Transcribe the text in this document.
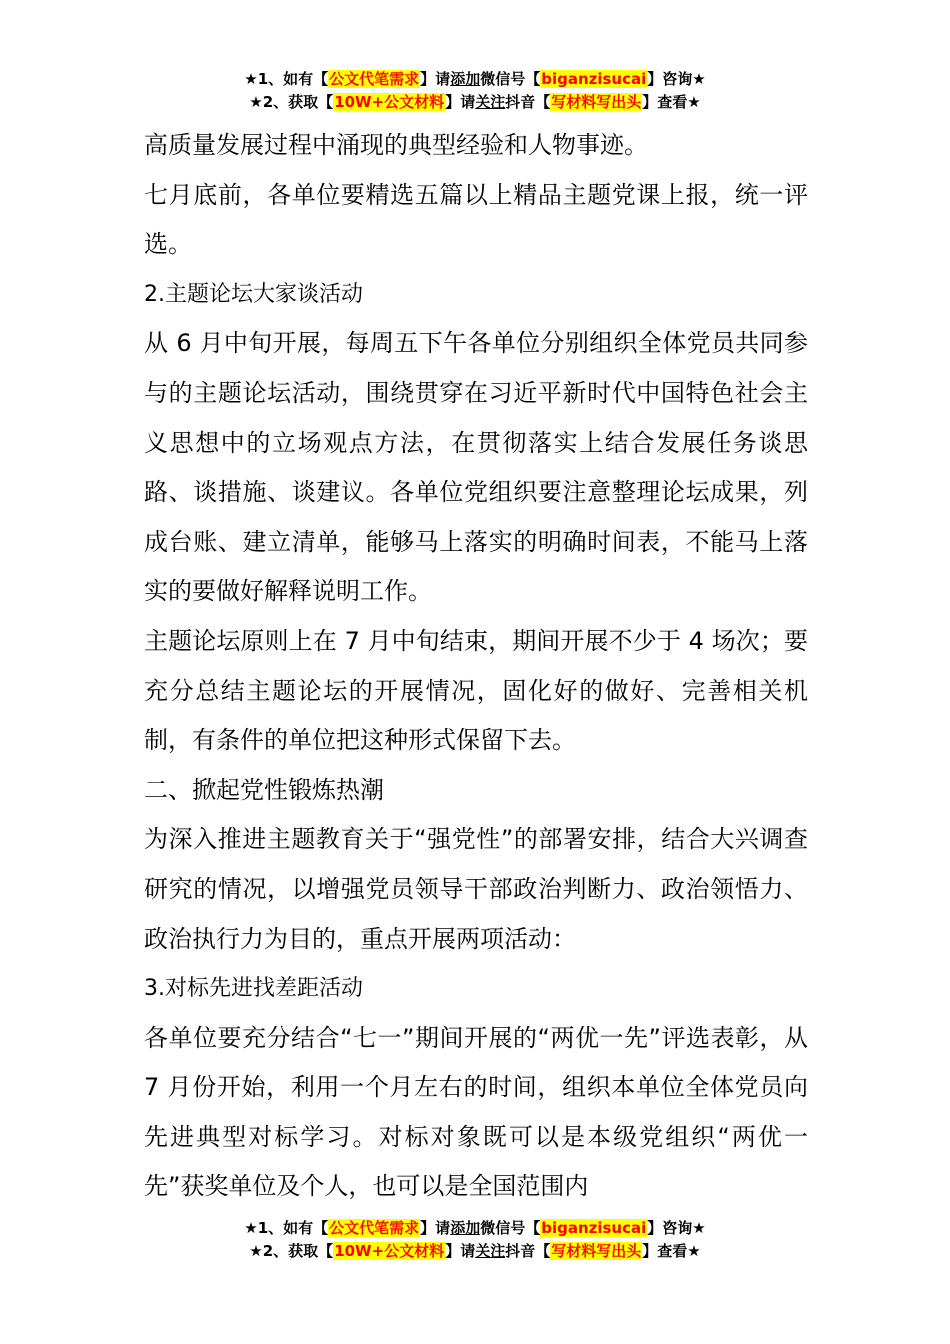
★1、如有【公文代笔需求】请添加微信号【biganzisucai】咨询★
★2、获取【10W+公文材料】请关注抖音【写材料写出头】查看★

高质量发展过程中涌现的典型经验和人物事迹。

七月底前，各单位要精选五篇以上精品主题党课上报，统一评选。

2.主题论坛大家谈活动

从 6 月中旬开展，每周五下午各单位分别组织全体党员共同参与的主题论坛活动，围绕贯穿在习近平新时代中国特色社会主义思想中的立场观点方法，在贯彻落实上结合发展任务谈思路、谈措施、谈建议。各单位党组织要注意整理论坛成果，列成台账、建立清单，能够马上落实的明确时间表，不能马上落实的要做好解释说明工作。

主题论坛原则上在 7 月中旬结束，期间开展不少于 4 场次；要充分总结主题论坛的开展情况，固化好的做好、完善相关机制，有条件的单位把这种形式保留下去。

二、掀起党性锻炼热潮

为深入推进主题教育关于“强党性”的部署安排，结合大兴调查研究的情况，以增强党员领导干部政治判断力、政治领悟力、政治执行力为目的，重点开展两项活动：

3.对标先进找差距活动

各单位要充分结合“七一”期间开展的“两优一先”评选表彰，从 7 月份开始，利用一个月左右的时间，组织本单位全体党员向先进典型对标学习。对标对象既可以是本级党组织“两优一先”获奖单位及个人，也可以是全国范围内

★1、如有【公文代笔需求】请添加微信号【biganzisucai】咨询★
★2、获取【10W+公文材料】请关注抖音【写材料写出头】查看★
